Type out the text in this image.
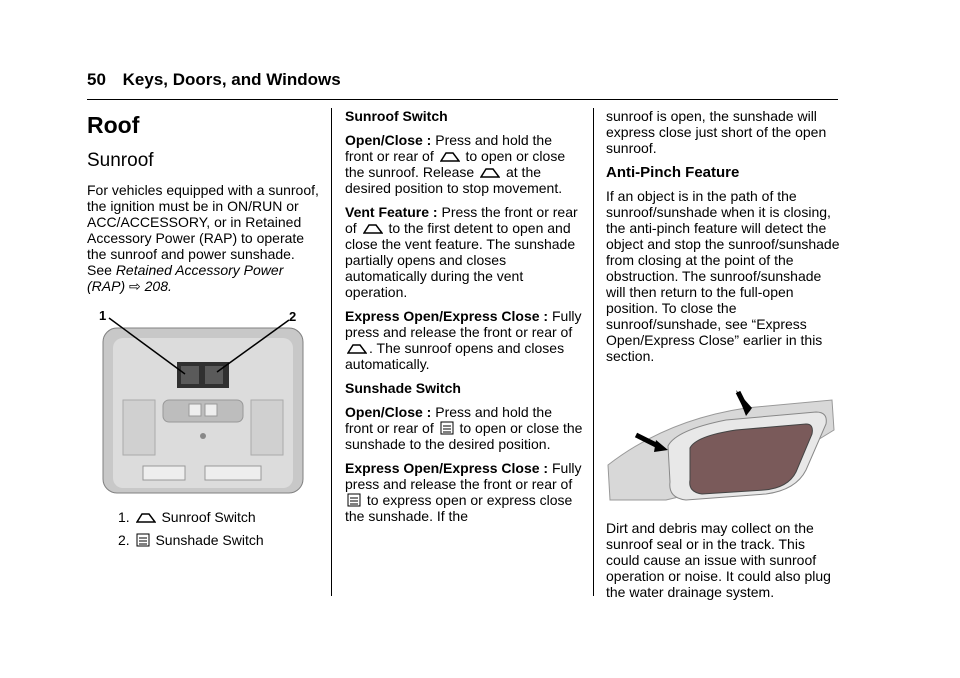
50 Keys, Doors, and Windows
Roof
Sunroof

For vehicles equipped with a sunroof, the ignition must be in ON/RUN or ACC/ACCESSORY, or in Retained Accessory Power (RAP) to operate the sunroof and power sunshade. See Retained Accessory Power (RAP) ⇨ 208.

1	2
1. Sunroof Switch
2. Sunshade Switch

Sunroof Switch

Open/Close : Press and hold the front or rear of to open or close the sunroof. Release at the desired position to stop movement.

Vent Feature : Press the front or rear of to the first detent to open and close the vent feature. The sunshade partially opens and closes automatically during the vent operation.

Express Open/Express Close : Fully press and release the front or rear of . The sunroof opens and closes automatically.

Sunshade Switch

Open/Close : Press and hold the front or rear of to open or close the sunshade to the desired position.

Express Open/Express Close : Fully press and release the front or rear of  to express open or express close the sunshade. If the

sunroof is open, the sunshade will express close just short of the open sunroof.

Anti-Pinch Feature

If an object is in the path of the sunroof/sunshade when it is closing, the anti-pinch feature will detect the object and stop the sunroof/sunshade from closing at the point of the obstruction. The sunroof/sunshade will then return to the full-open position. To close the sunroof/sunshade, see “Express Open/Express Close” earlier in this section.

Dirt and debris may collect on the sunroof seal or in the track. This could cause an issue with sunroof operation or noise. It could also plug the water drainage system.
